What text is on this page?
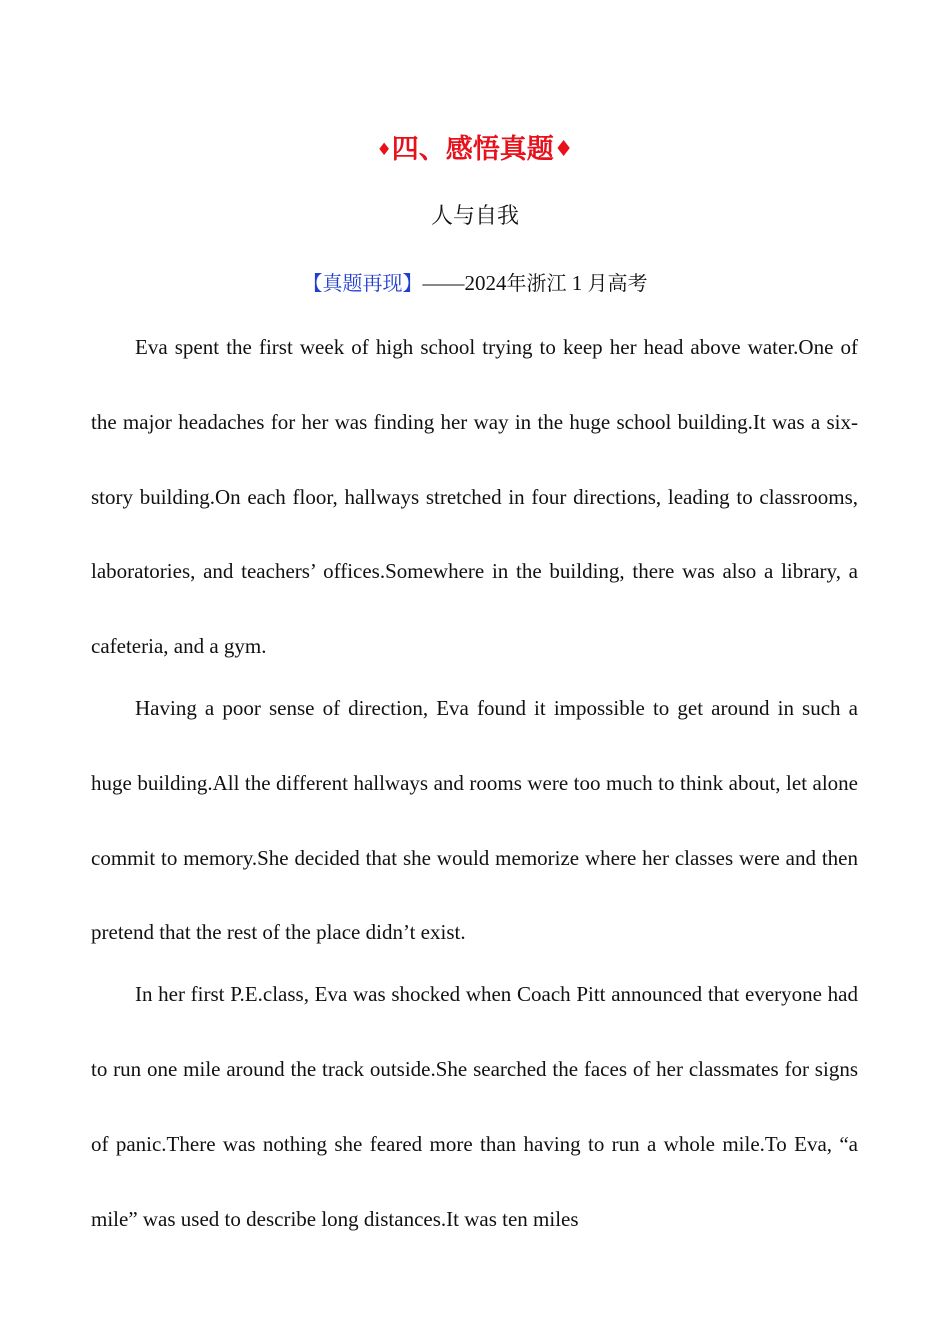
♦四、感悟真题♦
人与自我
【真题再现】——2024年浙江 1 月高考

Eva spent the first week of high school trying to keep her head above water.One of the major headaches for her was finding her way in the huge school building.It was a six-story building.On each floor, hallways stretched in four directions, leading to classrooms, laboratories, and teachers’ offices.Somewhere in the building, there was also a library, a cafeteria, and a gym.

Having a poor sense of direction, Eva found it impossible to get around in such a huge building.All the different hallways and rooms were too much to think about, let alone commit to memory.She decided that she would memorize where her classes were and then pretend that the rest of the place didn’t exist.

In her first P.E.class, Eva was shocked when Coach Pitt announced that everyone had to run one mile around the track outside.She searched the faces of her classmates for signs of panic.There was nothing she feared more than having to run a whole mile.To Eva, “a mile” was used to describe long distances.It was ten miles
